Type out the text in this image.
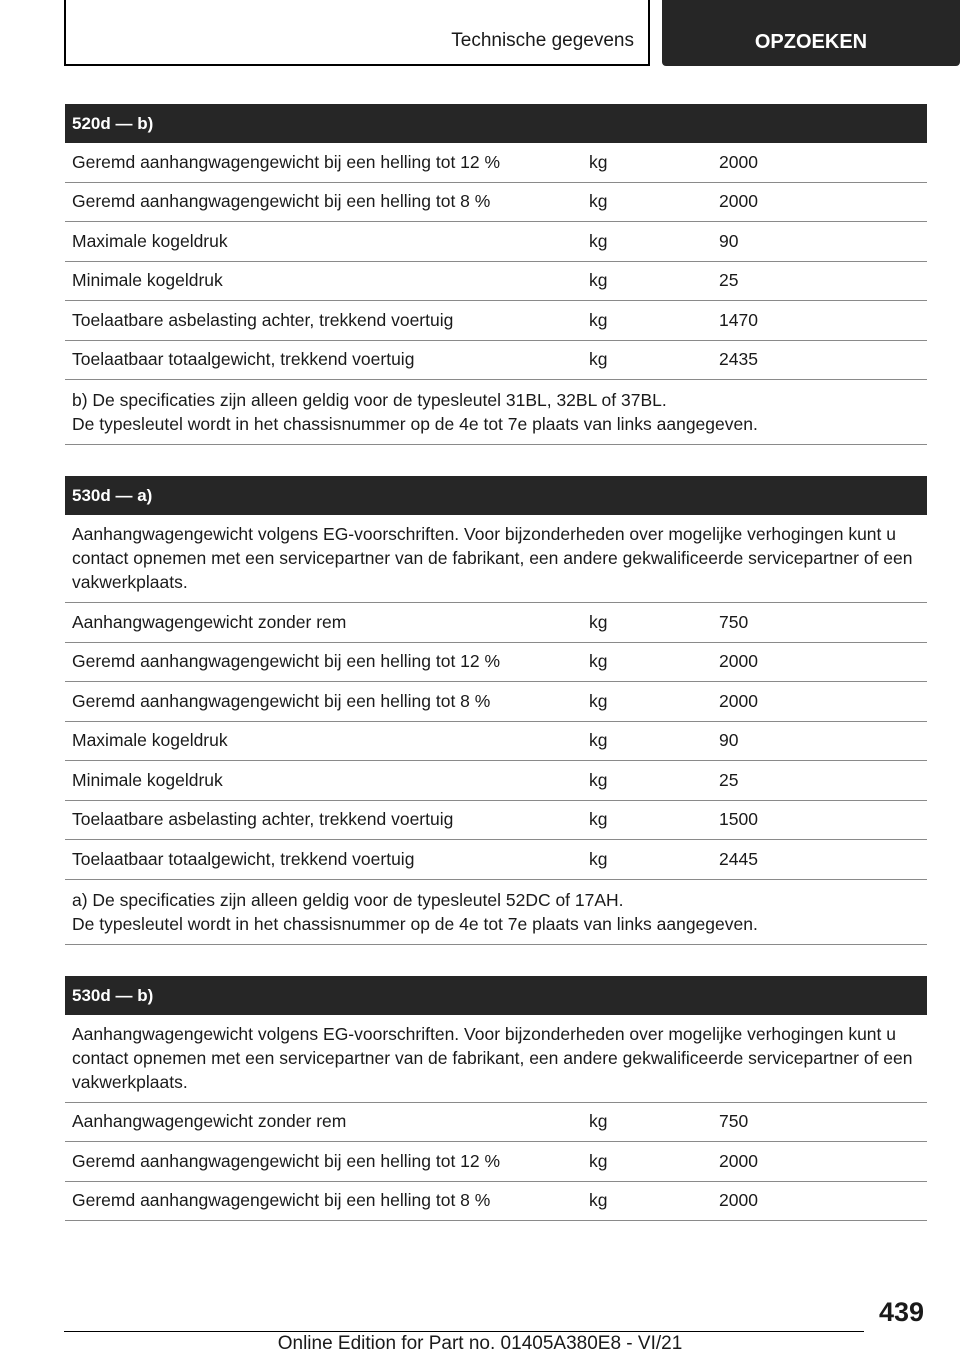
Technische gegevens	OPZOEKEN
520d — b)
Geremd aanhangwagengewicht bij een helling tot 12 %	kg	2000
Geremd aanhangwagengewicht bij een helling tot 8 %	kg	2000
Maximale kogeldruk	kg	90
Minimale kogeldruk	kg	25
Toelaatbare asbelasting achter, trekkend voertuig	kg	1470
Toelaatbaar totaalgewicht, trekkend voertuig	kg	2435

b) De specificaties zijn alleen geldig voor de typesleutel 31BL, 32BL of 37BL.

De typesleutel wordt in het chassisnummer op de 4e tot 7e plaats van links aangegeven.

530d — a)
Aanhangwagengewicht volgens EG-voorschriften. Voor bijzonderheden over mogelijke verhogingen kunt u contact opnemen met een servicepartner van de fabrikant, een andere gekwalificeerde servicepartner of een vakwerkplaats.
Aanhangwagengewicht zonder rem	kg	750
Geremd aanhangwagengewicht bij een helling tot 12 %	kg	2000
Geremd aanhangwagengewicht bij een helling tot 8 %	kg	2000
Maximale kogeldruk	kg	90
Minimale kogeldruk	kg	25
Toelaatbare asbelasting achter, trekkend voertuig	kg	1500
Toelaatbaar totaalgewicht, trekkend voertuig	kg	2445

a) De specificaties zijn alleen geldig voor de typesleutel 52DC of 17AH.

De typesleutel wordt in het chassisnummer op de 4e tot 7e plaats van links aangegeven.

530d — b)
Aanhangwagengewicht volgens EG-voorschriften. Voor bijzonderheden over mogelijke verhogingen kunt u contact opnemen met een servicepartner van de fabrikant, een andere gekwalificeerde servicepartner of een vakwerkplaats.
Aanhangwagengewicht zonder rem	kg	750
Geremd aanhangwagengewicht bij een helling tot 12 %	kg	2000
Geremd aanhangwagengewicht bij een helling tot 8 %	kg	2000
439
Online Edition for Part no. 01405A380E8 - VI/21
